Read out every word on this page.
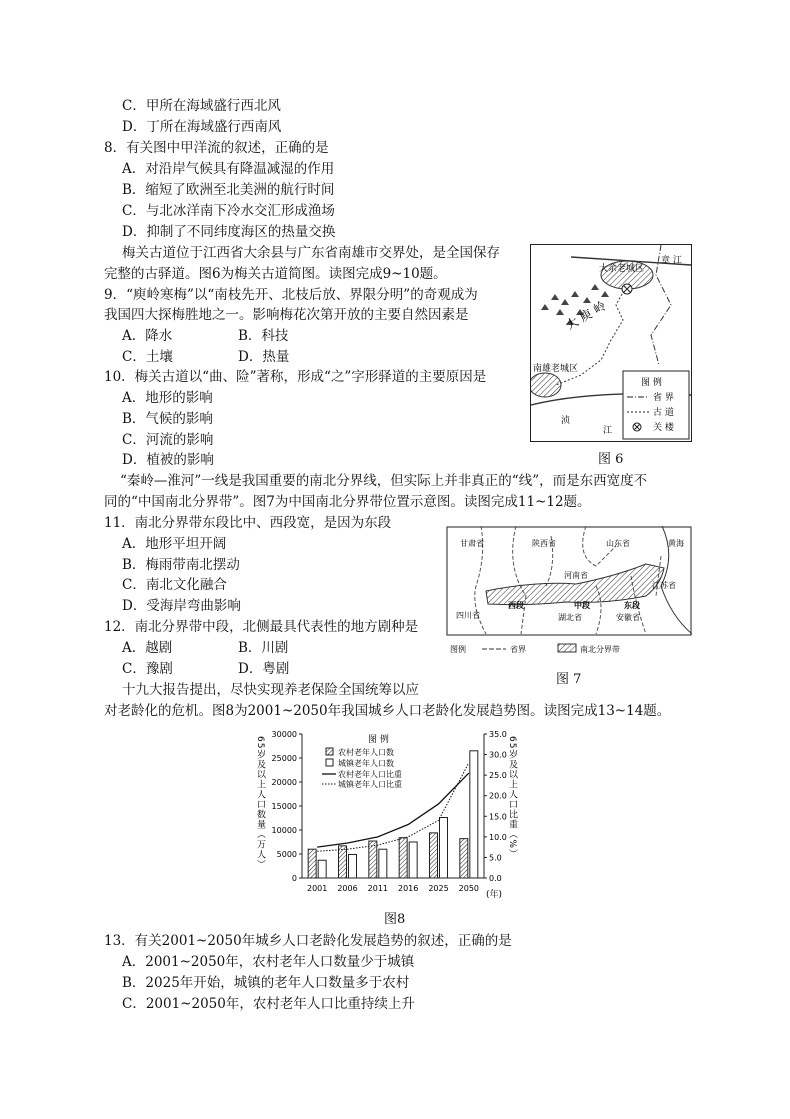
C．甲所在海域盛行西北风
D．丁所在海域盛行西南风
8．有关图中甲洋流的叙述，正确的是
A．对沿岸气候具有降温减湿的作用
B．缩短了欧洲至北美洲的航行时间
C．与北冰洋南下冷水交汇形成渔场
D．抑制了不同纬度海区的热量交换
梅关古道位于江西省大余县与广东省南雄市交界处，是全国保存
完整的古驿道。图6为梅关古道简图。读图完成9~10题。
9．“庾岭寒梅”以“南枝先开、北枝后放、界限分明”的奇观成为
我国四大探梅胜地之一。影响梅花次第开放的主要自然因素是
A．降水	B．科技
C．土壤	D．热量
10．梅关古道以“曲、险”著称，形成“之”字形驿道的主要原因是
A．地形的影响
B．气候的影响
C．河流的影响
D．植被的影响
“秦岭—淮河”一线是我国重要的南北分界线，但实际上并非真正的“线”，而是东西宽度不
同的“中国南北分界带”。图7为中国南北分界带位置示意图。读图完成11~12题。
11．南北分界带东段比中、西段宽，是因为东段
A．地形平坦开阔
B．梅雨带南北摆动
C．南北文化融合
D．受海岸弯曲影响
12．南北分界带中段，北侧最具代表性的地方剧种是
A．越剧	B．川剧
C．豫剧	D．粤剧
十九大报告提出，尽快实现养老保险全国统筹以应
对老龄化的危机。图8为2001~2050年我国城乡人口老龄化发展趋势图。读图完成13~14题。
13．有关2001~2050年城乡人口老龄化发展趋势的叙述，正确的是
A．2001~2050年，农村老年人口数量少于城镇
B．2025年开始，城镇的老年人口数量多于农村
C．2001~2050年，农村老年人口比重持续上升
大余老城区
章 江
大 庾 岭
南雄老城区
浈
江
图 例
省 界
古 道
关 楼
图 6
甘肃省	陕西省	山东省	黄海
河南省
江苏省
四川省	湖北省	安徽省
西段	中段	东段
图例	省界	南北分界带
图 7
0
5000
10000
15000
20000
25000
30000
0.0
5.0
10.0
15.0
20.0
25.0
30.0
35.0
2001 2006 2011 2016 2025 2050
65岁及以上人口数量（万人）	65岁及以上人口比重（%）
(年)
图 例
农村老年人口数
城镇老年人口数
农村老年人口比重
城镇老年人口比重
图8
